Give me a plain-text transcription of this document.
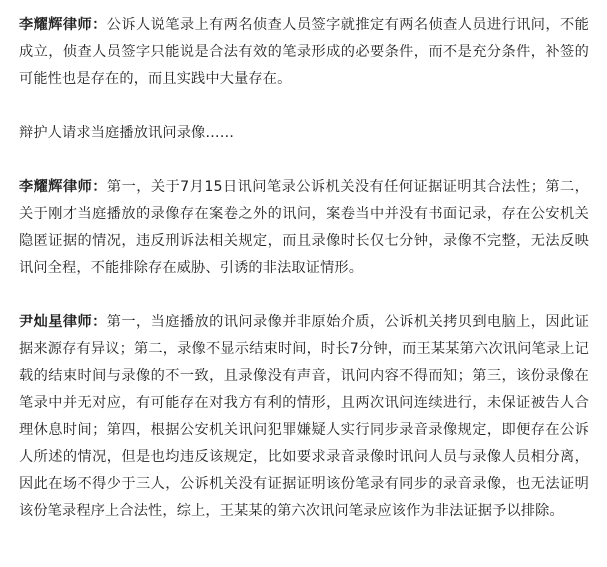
李耀辉律师：公诉人说笔录上有两名侦查人员签字就推定有两名侦查人员进行讯问，不能成立，侦查人员签字只能说是合法有效的笔录形成的必要条件，而不是充分条件，补签的可能性也是存在的，而且实践中大量存在。

辩护人请求当庭播放讯问录像……

李耀辉律师：第一，关于7月15日讯问笔录公诉机关没有任何证据证明其合法性；第二，关于刚才当庭播放的录像存在案卷之外的讯问，案卷当中并没有书面记录，存在公安机关隐匿证据的情况，违反刑诉法相关规定，而且录像时长仅七分钟，录像不完整，无法反映讯问全程，不能排除存在威胁、引诱的非法取证情形。

尹灿星律师：第一，当庭播放的讯问录像并非原始介质，公诉机关拷贝到电脑上，因此证据来源存有异议；第二，录像不显示结束时间，时长7分钟，而王某某第六次讯问笔录上记载的结束时间与录像的不一致，且录像没有声音，讯问内容不得而知；第三，该份录像在笔录中并无对应，有可能存在对我方有利的情形，且两次讯问连续进行，未保证被告人合理休息时间；第四，根据公安机关讯问犯罪嫌疑人实行同步录音录像规定，即便存在公诉人所述的情况，但是也均违反该规定，比如要求录音录像时讯问人员与录像人员相分离，因此在场不得少于三人，公诉机关没有证据证明该份笔录有同步的录音录像，也无法证明该份笔录程序上合法性，综上，王某某的第六次讯问笔录应该作为非法证据予以排除。
